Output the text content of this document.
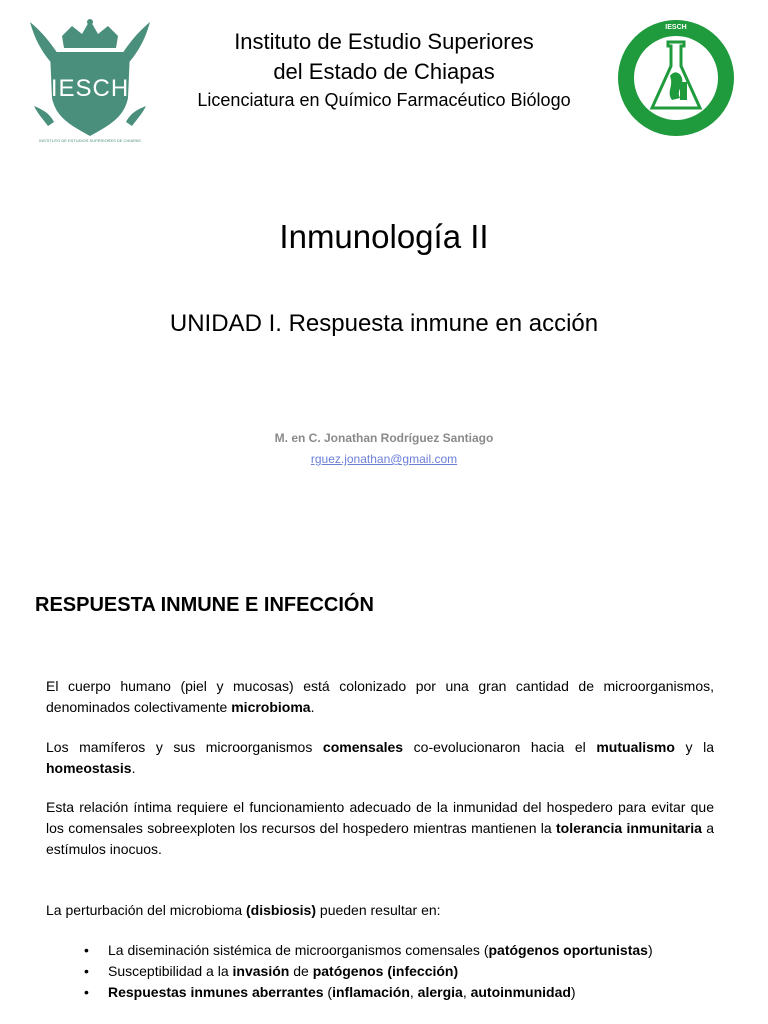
IESCH
INSTITUTO DE ESTUDIOS SUPERIORES DE CHIAPAS
Instituto de Estudio Superiores
del Estado de Chiapas
Licenciatura en Químico Farmacéutico Biólogo
IESCH
QUÍMICO FARMACÉUTICO BIÓLOGO
Inmunología II
UNIDAD I. Respuesta inmune en acción
M. en C. Jonathan Rodríguez Santiago
rguez.jonathan@gmail.com
RESPUESTA INMUNE E INFECCIÓN

El cuerpo humano (piel y mucosas) está colonizado por una gran cantidad de microorganismos, denominados colectivamente microbioma.

Los mamíferos y sus microorganismos comensales co-evolucionaron hacia el mutualismo y la homeostasis.

Esta relación íntima requiere el funcionamiento adecuado de la inmunidad del hospedero para evitar que los comensales sobreexploten los recursos del hospedero mientras mantienen la tolerancia inmunitaria a estímulos inocuos.

La perturbación del microbioma (disbiosis) pueden resultar en:

• La diseminación sistémica de microorganismos comensales (patógenos oportunistas)
• Susceptibilidad a la invasión de patógenos (infección)
• Respuestas inmunes aberrantes (inflamación, alergia, autoinmunidad)
